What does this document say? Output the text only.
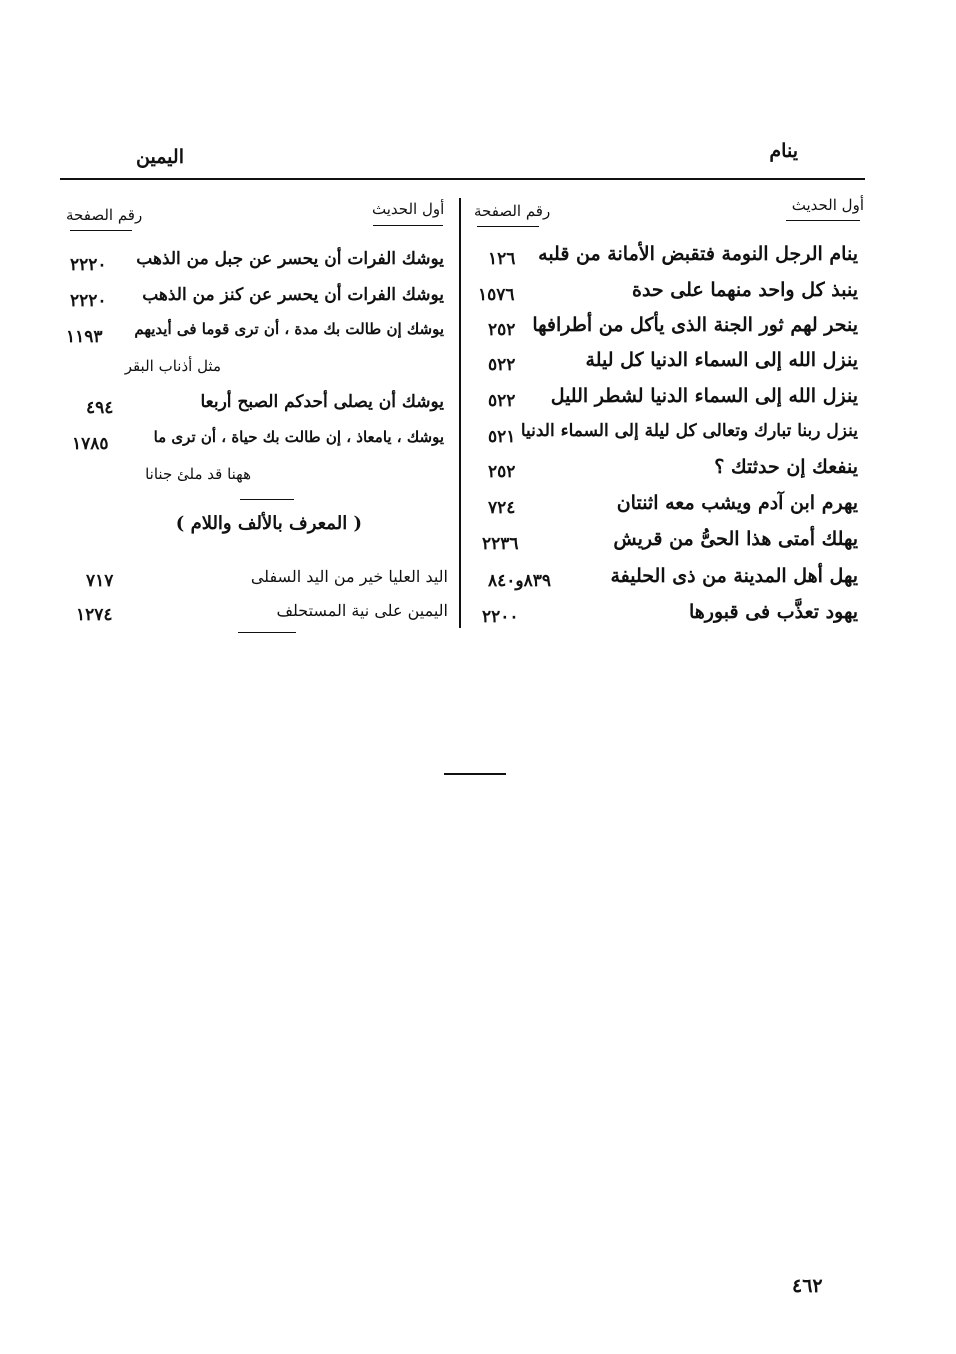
ينام
اليمين
أول الحديث
رقم الصفحة
أول الحديث
رقم الصفحة
ينام الرجل النومة فتقبض الأمانة من قلبه
١٢٦
ينبذ كل واحد منهما على حدة
١٥٧٦
ينحر لهم ثور الجنة الذى يأكل من أطرافها
٢٥٢
ينزل الله إلى السماء الدنيا كل ليلة
٥٢٢
ينزل الله إلى السماء الدنيا لشطر الليل
٥٢٢
ينزل ربنا تبارك وتعالى كل ليلة إلى السماء الدنيا
٥٢١
ينفعك إن حدثتك ؟
٢٥٢
يهرم ابن آدم ويشب معه اثنتان
٧٢٤
يهلك أمتى هذا الحىُّ من قريش
٢٢٣٦
يهل أهل المدينة من ذى الحليفة
٨٣٩و٨٤٠
يهود تعذَّب فى قبورها
٢٢٠٠
يوشك الفرات أن يحسر عن جبل من الذهب
٢٢٢٠
يوشك الفرات أن يحسر عن كنز من الذهب
٢٢٢٠
يوشك إن طالت بك مدة ، أن ترى قوما فى أيديهم
١١٩٣
مثل أذناب البقر
يوشك أن يصلى أحدكم الصبح أربعا
٤٩٤
يوشك ، يامعاذ ، إن طالت بك حياة ، أن ترى ما
١٧٨٥
ههنا قد ملئ جنانا
( المعرف بالألف واللام )
اليد العليا خير من اليد السفلى
٧١٧
اليمين على نية المستحلف
١٢٧٤
٤٦٢
